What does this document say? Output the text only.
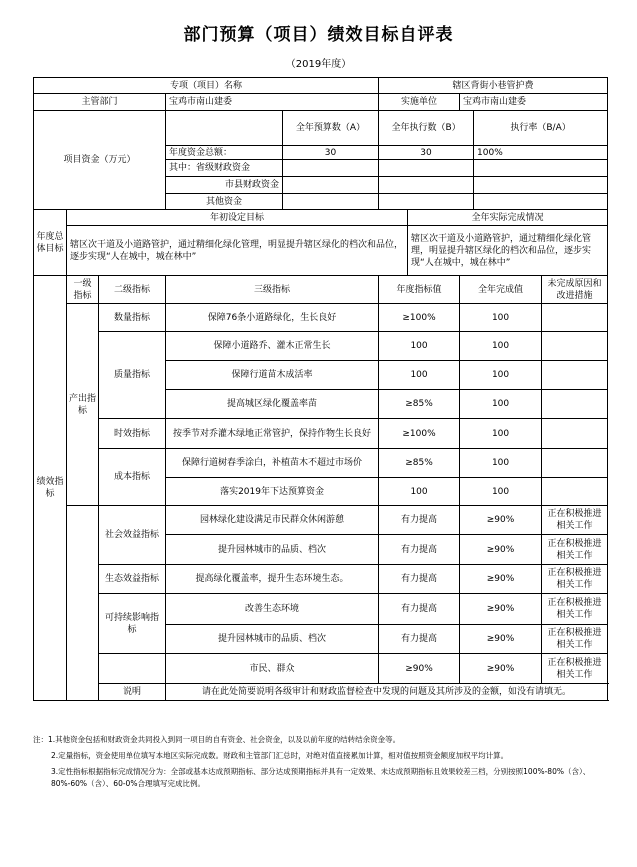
部门预算（项目）绩效目标自评表
（2019年度）
专项（项目）名称					辖区背街小巷管护费				
主管部门			宝鸡市南山建委		实施单位		宝鸡市南山建委		
项目资金（万元）				全年预算数（A）	全年执行数（B）			执行率（B/A）	
			年度资金总额：	30	30			100%	
			其中：省级财政资金						
			市县财政资金						
			其他资金						
年度总体目标	年初设定目标					全年实际完成情况			
	辖区次干道及小道路管护，通过精细化绿化管理，明显提升辖区绿化的档次和品位，逐步实现“人在城中，城在林中”					辖区次干道及小道路管护，通过精细化绿化管理，明显提升辖区绿化的档次和品位，逐步实现“人在城中，城在林中”			
绩效指标	一级指标	二级指标	三级指标		年度指标值		全年完成值		未完成原因和改进措施
	产出指标	数量指标	保障76条小道路绿化，生长良好		≥100%		100		
		质量指标	保障小道路乔、灌木正常生长		100		100		
			保障行道苗木成活率		100		100		
			提高城区绿化覆盖率苗		≥85%		100		
		时效指标	按季节对乔灌木绿地正常管护，保持作物生长良好		≥100%		100		
		成本指标	保障行道树春季涂白，补植苗木不超过市场价		≥85%		100		
			落实2019年下达预算资金		100		100		
		社会效益指标	园林绿化建设满足市民群众休闲游憩		有力提高		≥90%		正在积极推进相关工作
			提升园林城市的品质、档次		有力提高		≥90%		正在积极推进相关工作
		生态效益指标	提高绿化覆盖率，提升生态环境生态。		有力提高		≥90%		正在积极推进相关工作
		可持续影响指标	改善生态环境		有力提高		≥90%		正在积极推进相关工作
			提升园林城市的品质、档次		有力提高		≥90%		正在积极推进相关工作
			市民、群众		≥90%		≥90%		正在积极推进相关工作
		说明	请在此处简要说明各级审计和财政监督检查中发现的问题及其所涉及的金额，如没有请填无。						

注：1.其他资金包括和财政资金共同投入到同一项目的自有资金、社会资金，以及以前年度的结转结余资金等。

2.定量指标，资金使用单位填写本地区实际完成数。财政和主管部门汇总时，对绝对值直接累加计算，相对值按照资金额度加权平均计算。

3.定性指标根据指标完成情况分为：全部或基本达成预期指标、部分达成预期指标并具有一定效果、未达成预期指标且效果较差三档，分别按照100%-80%（含）、80%-60%（含）、60-0%合理填写完成比例。
